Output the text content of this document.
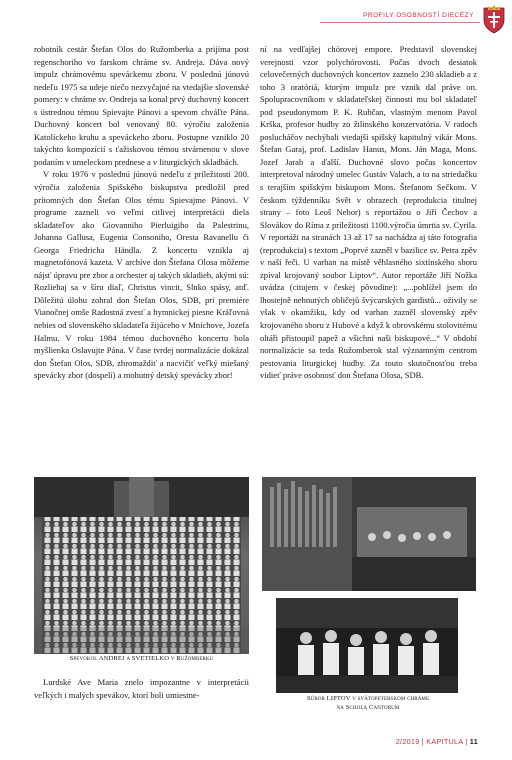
PROFILY OSOBNOSTÍ DIECÉZY

robotník cestár Štefan Olos do Ružomberka a prijíma post regenschoriho vo farskom chráme sv. Andreja. Dáva nový impulz chrámovému speváckemu zboru. V poslednú júnovú nedeľu 1975 sa udeje niečo nezvyčajné na vtedajšie slovenské pomery: v chráme sv. Ondreja sa konal prvý duchovný koncert s ústrednou témou Spievajte Pánovi a spevom chváľte Pána. Duchovný koncert bol venovaný 80. výročiu založenia Katolíckeho kruhu a speváckeho zboru. Postupne vzniklo 20 takýchto kompozícií s ťažiskovou témou stvárnenou v slove podaním v umeleckom prednese a v liturgických skladbách.

V roku 1976 v poslednú júnovú nedeľu z príležitosti 200. výročia založenia Spišského biskupstva predložil pred prítomných don Štefan Olos tému Spievajme Pánovi. V programe zazneli vo veľmi citlivej interpretácii diela skladateľov ako Giovanniho Pierluigiho da Palestrinu, Johanna Gallusa, Eugenia Consoniho, Oresta Ravanellu či Georga Friedricha Händla. Z koncertu vznikla aj magnetofónová kazeta. V archíve don Štefana Olosa môžeme nájsť úpravu pre zbor a orchester aj takých skladieb, akými sú: Rozliehaj sa v šíru diaľ, Christus vincit, Slnko spásy, atď. Dôležitú úlohu zohral don Štefan Olos, SDB, pri premiére Vianočnej omše Radostná zvesť a hymnickej piesne Kráľovná nebies od slovenského skladateľa žijúceho v Mníchove, Jozefa Halmu. V roku 1984 témou duchovného koncertu bola myšlienka Oslavujte Pána. V čase tvrdej normalizácie dokázal don Štefan Olos, SDB, zhromaždiť a nacvičiť veľký miešaný spevácky zbor (dospelí) a mohutný detský spevácky zbor!

ní na vedľajšej chórovej empore. Predstavil slovenskej verejnosti vzor polychórovosti. Počas dvoch desiatok celovečerných duchovných koncertov zaznelo 230 skladieb a z toho 3 oratóriá, ktorým impulz pre vznik dal práve on. Spolupracovníkom v skladateľskej činnosti mu bol skladateľ pod pseudonymom P. K. Rubčan, vlastným menom Pavol Krška, profesor hudby zo žilinského konzervatória. V radoch poslucháčov nechýbali vtedajší spišský kapitulný vikár Mons. Štefan Garaj, prof. Ladislav Hanus, Mons. Ján Maga, Mons. Jozef Jarab a ďalší. Duchovné slovo počas koncertov interpretoval národný umelec Gustáv Valach, a to na striedačku s terajším spišským biskupom Mons. Štefanom Sečkom. V českom týždenníku Svět v obrazech (reprodukcia titulnej strany – foto Leoš Nebor) s reportážou o Jiří Čechov a Slovákov do Ríma z príležitosti 1100.výročia úmrtia sv. Cyrila. V reportáži na stranách 13 až 17 sa nachádza aj táto fotografia (reprodukcia) s textom „Poprvé zazněl v bazilice sv. Petra zpěv v naší řeči. U varhan na místě věhlasného sixtínského sboru zpíval krojovaný soubor Liptov“. Autor reportáže Jiří Nožka uvádza (citujem v českej pôvodine): „...pohlížel jsem do lhostejně nehnutých obličejů švýcarských gardistů... oživily se však v okamžiku, kdy od varhan zazněl slovenský zpěv krojovaného sboru z Hubové a když k obrovskému stolovitému oltáři přistoupil papež a všichni naši biskupové...“ V období normalizácie sa teda Ružomberok stal významným centrom pestovania liturgickej hudby. Za touto skutočnosťou treba vidieť práve osobnosť don Štefana Olosa, SDB.

Spevokol ANDREJ a SVETIELKO v Ružomberku

Lurdské Ave Maria znelo impozantne v interpretácii veľkých i malých spevákov, ktorí boli umiestne-	Súbor LIPTOV v svätopeterskom chráme
na Schola Cantorum
2/2019 | KAPITULA | 11
